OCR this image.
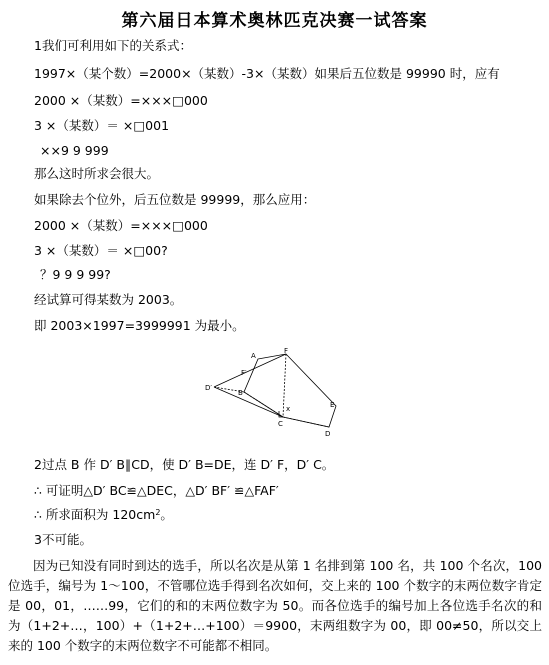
第六届日本算术奥林匹克决赛一试答案
1我们可利用如下的关系式：
1997×（某个数）=2000×（某数）-3×（某数）如果后五位数是 99990 时，应有
2000 ×（某数）=×××□000
3 ×（某数）＝ ×□001
××9 9 999
那么这时所求会很大。
如果除去个位外，后五位数是 99999，那么应用：
2000 ×（某数）=×××□000
3 ×（某数）＝ ×□00?
？9 9 9 99?
经试算可得某数为 2003。
即 2003×1997=3999991 为最小。
A
F
F′
D′
B
C
D
E
x
2过点 B 作 D′ B∥CD，使 D′ B=DE，连 D′ F，D′ C。
∴ 可证明△D′ BC≌△DEC，△D′ BF′ ≌△FAF′
∴ 所求面积为 $120cm^2$。
3不可能。
因为已知没有同时到达的选手，所以名次是从第 1 名排到第 100 名，共 100 个名次，100 位选手，编号为 1～100，不管哪位选手得到名次如何，交上来的 100 个数字的末两位数字肯定是 00，01，……99，它们的和的末两位数字为 50。而各位选手的编号加上各位选手名次的和为（1+2+…，100）+（1+2+…+100）＝9900，末两组数字为 00，即 00≠50，所以交上来的 100 个数字的末两位数字不可能都不相同。
